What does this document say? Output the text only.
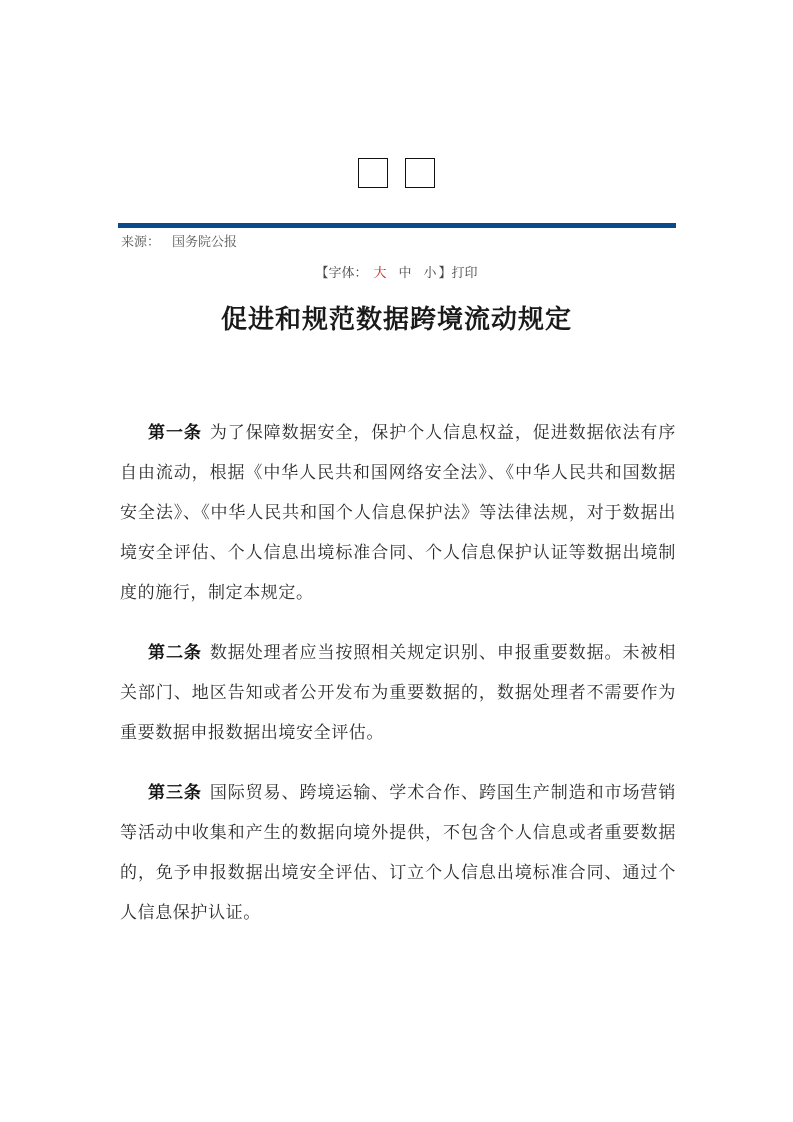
来源： 国务院公报
【字体： 大 中 小 】打印
促进和规范数据跨境流动规定

第一条 为了保障数据安全，保护个人信息权益，促进数据依法有序自由流动，根据《中华人民共和国网络安全法》、《中华人民共和国数据安全法》、《中华人民共和国个人信息保护法》等法律法规，对于数据出境安全评估、个人信息出境标准合同、个人信息保护认证等数据出境制度的施行，制定本规定。

第二条 数据处理者应当按照相关规定识别、申报重要数据。未被相关部门、地区告知或者公开发布为重要数据的，数据处理者不需要作为重要数据申报数据出境安全评估。

第三条 国际贸易、跨境运输、学术合作、跨国生产制造和市场营销等活动中收集和产生的数据向境外提供，不包含个人信息或者重要数据的，免予申报数据出境安全评估、订立个人信息出境标准合同、通过个人信息保护认证。
